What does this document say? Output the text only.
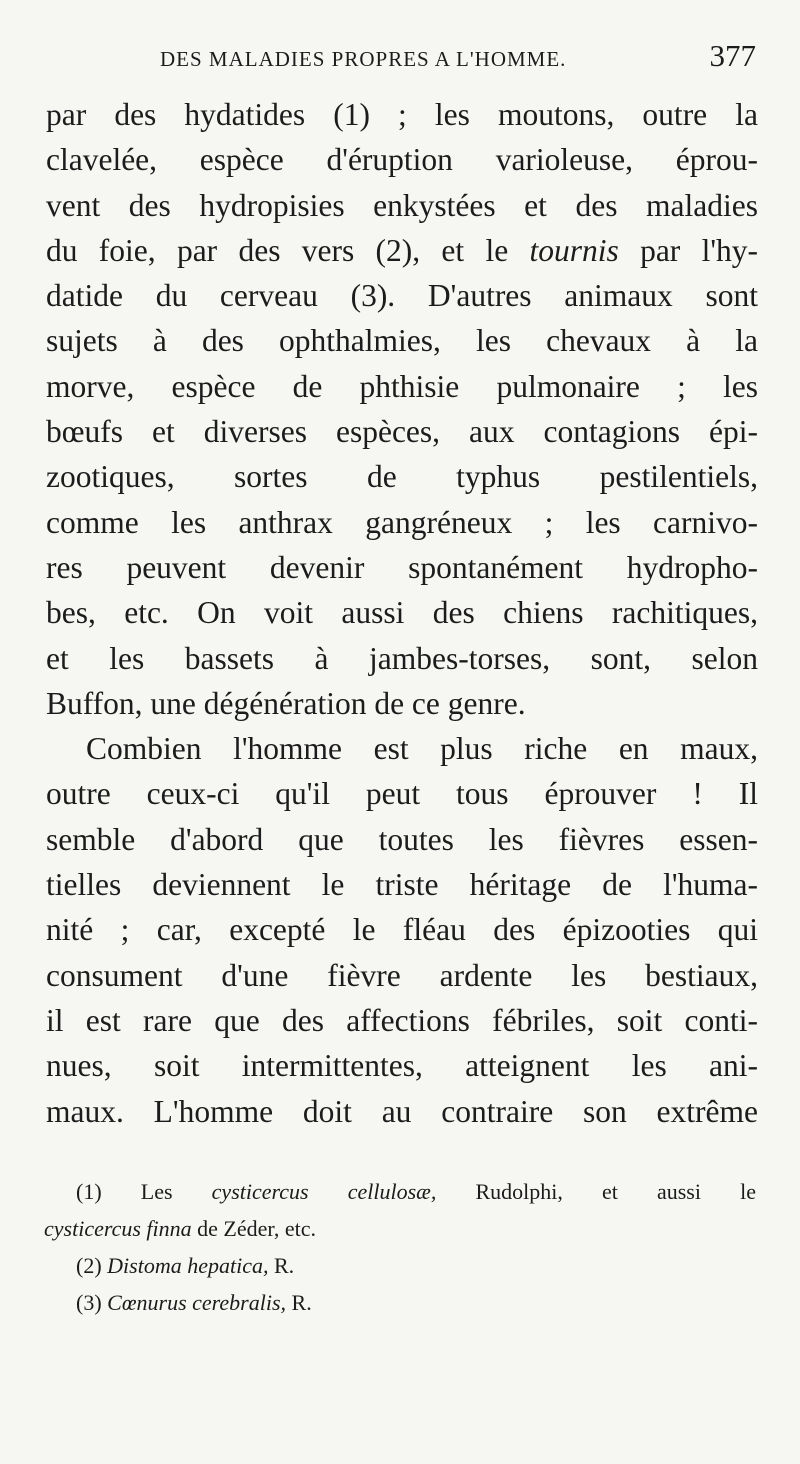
DES MALADIES PROPRES A L'HOMME.	377
par des hydatides (1) ; les moutons, outre la
clavelée, espèce d'éruption varioleuse, éprou-
vent des hydropisies enkystées et des maladies
du foie, par des vers (2), et le tournis par l'hy-
datide du cerveau (3). D'autres animaux sont
sujets à des ophthalmies, les chevaux à la
morve, espèce de phthisie pulmonaire ; les
bœufs et diverses espèces, aux contagions épi-
zootiques, sortes de typhus pestilentiels,
comme les anthrax gangréneux ; les carnivo-
res peuvent devenir spontanément hydropho-
bes, etc. On voit aussi des chiens rachitiques,
et les bassets à jambes-torses, sont, selon
Buffon, une dégénération de ce genre.
Combien l'homme est plus riche en maux,
outre ceux-ci qu'il peut tous éprouver ! Il
semble d'abord que toutes les fièvres essen-
tielles deviennent le triste héritage de l'huma-
nité ; car, excepté le fléau des épizooties qui
consument d'une fièvre ardente les bestiaux,
il est rare que des affections fébriles, soit conti-
nues, soit intermittentes, atteignent les ani-
maux. L'homme doit au contraire son extrême
(1) Les cysticercus cellulosæ, Rudolphi, et aussi le
cysticercus finna de Zéder, etc.
(2) Distoma hepatica, R.
(3) Cœnurus cerebralis, R.
